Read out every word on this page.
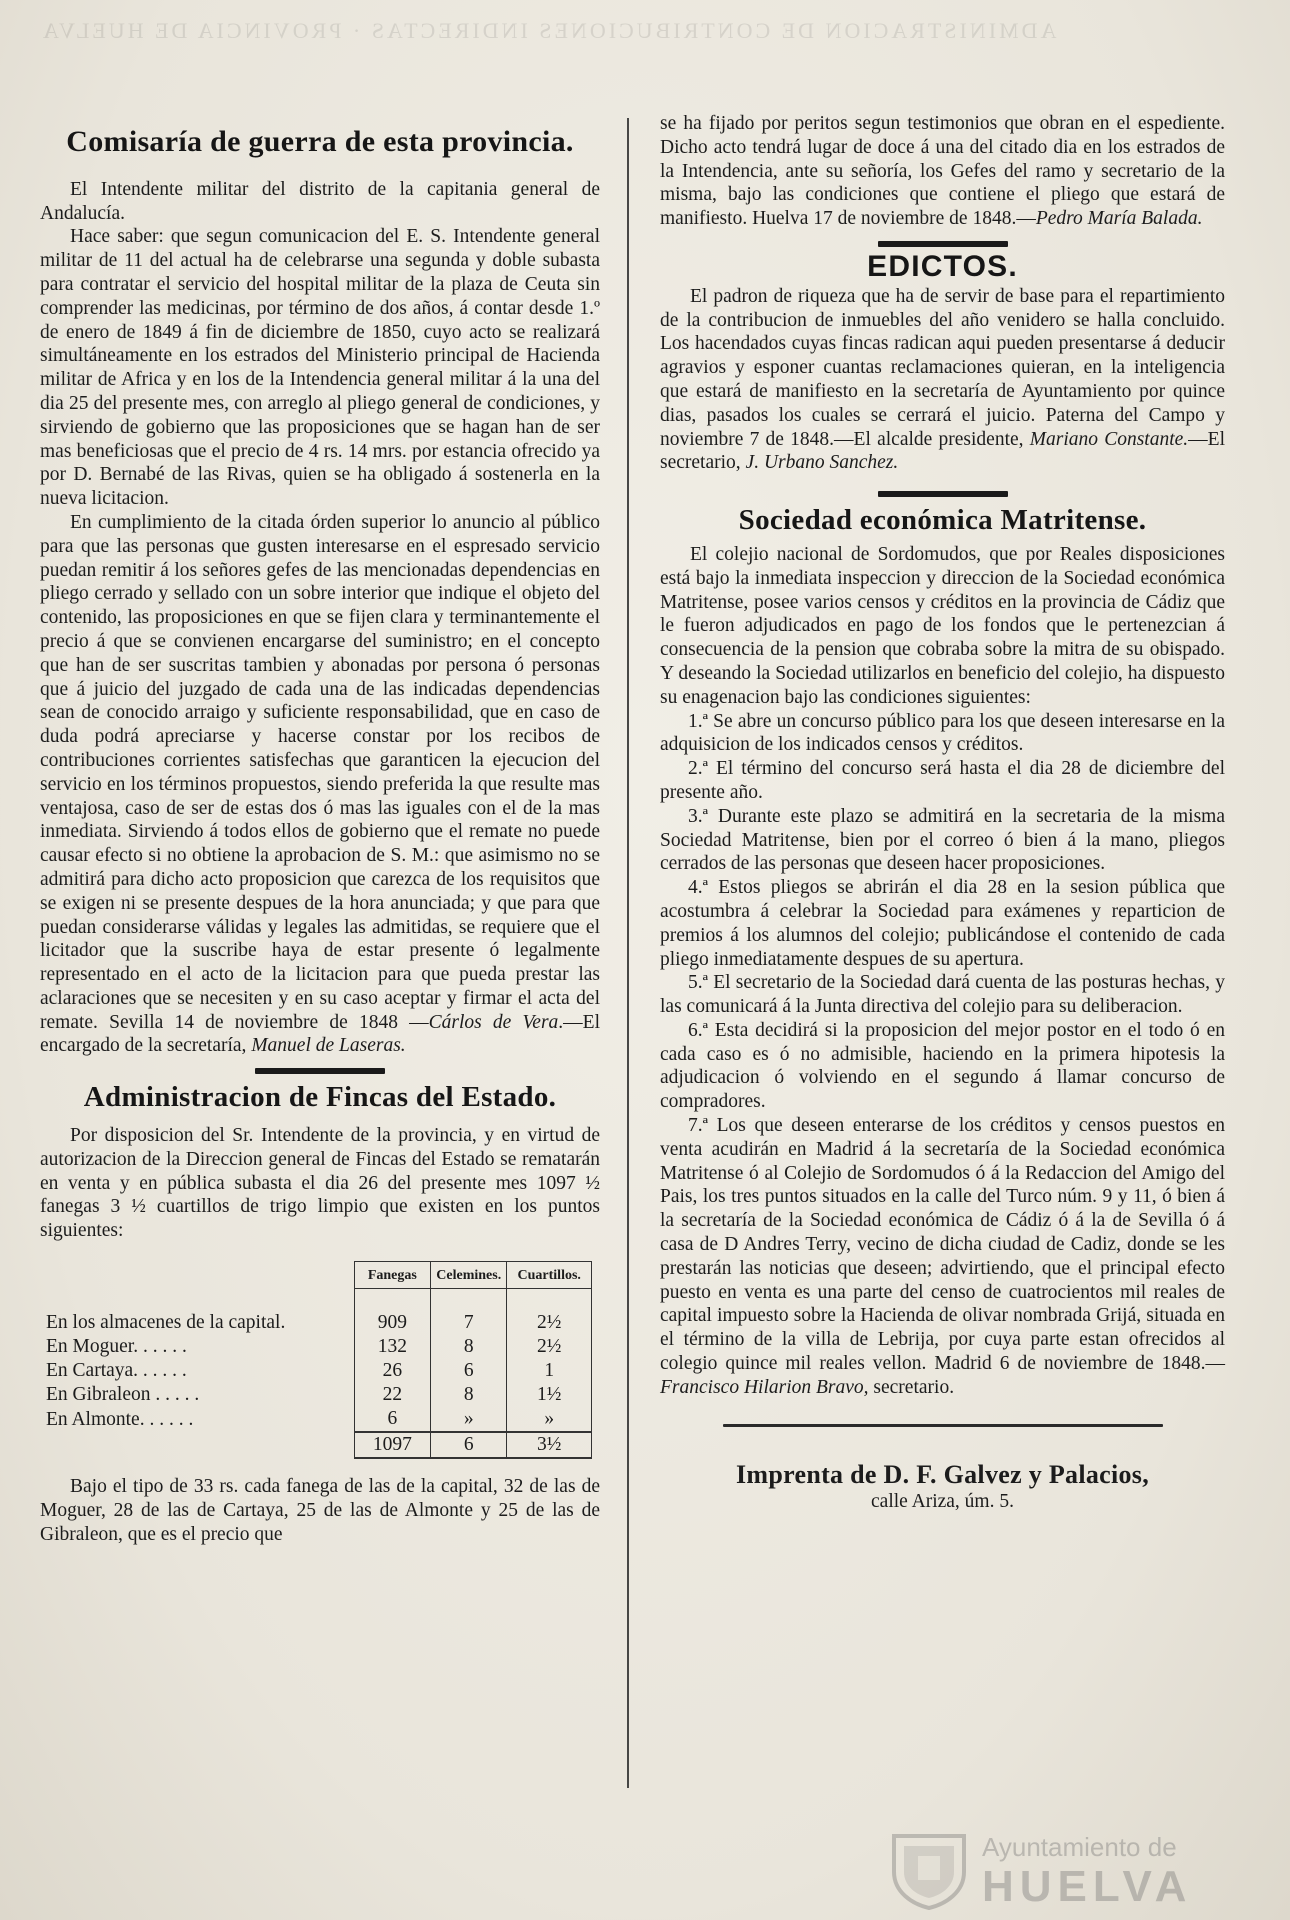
ADMINISTRACION DE CONTRIBUCIONES INDIRECTAS · PROVINCIA DE HUELVA
Comisaría de guerra de esta provincia.

El Intendente militar del distrito de la capitania general de Andalucía.

Hace saber: que segun comunicacion del E. S. Intendente general militar de 11 del actual ha de celebrarse una segunda y doble subasta para contratar el servicio del hospital militar de la plaza de Ceuta sin comprender las medicinas, por término de dos años, á contar desde 1.º de enero de 1849 á fin de diciembre de 1850, cuyo acto se realizará simultáneamente en los estrados del Ministerio principal de Hacienda militar de Africa y en los de la Intendencia general militar á la una del dia 25 del presente mes, con arreglo al pliego general de condiciones, y sirviendo de gobierno que las proposiciones que se hagan han de ser mas beneficiosas que el precio de 4 rs. 14 mrs. por estancia ofrecido ya por D. Bernabé de las Rivas, quien se ha obligado á sostenerla en la nueva licitacion.

En cumplimiento de la citada órden superior lo anuncio al público para que las personas que gusten interesarse en el espresado servicio puedan remitir á los señores gefes de las mencionadas dependencias en pliego cerrado y sellado con un sobre interior que indique el objeto del contenido, las proposiciones en que se fijen clara y terminantemente el precio á que se convienen encargarse del suministro; en el concepto que han de ser suscritas tambien y abonadas por persona ó personas que á juicio del juzgado de cada una de las indicadas dependencias sean de conocido arraigo y suficiente responsabilidad, que en caso de duda podrá apreciarse y hacerse constar por los recibos de contribuciones corrientes satisfechas que garanticen la ejecucion del servicio en los términos propuestos, siendo preferida la que resulte mas ventajosa, caso de ser de estas dos ó mas las iguales con el de la mas inmediata. Sirviendo á todos ellos de gobierno que el remate no puede causar efecto si no obtiene la aprobacion de S. M.: que asimismo no se admitirá para dicho acto proposicion que carezca de los requisitos que se exigen ni se presente despues de la hora anunciada; y que para que puedan considerarse válidas y legales las admitidas, se requiere que el licitador que la suscribe haya de estar presente ó legalmente representado en el acto de la licitacion para que pueda prestar las aclaraciones que se necesiten y en su caso aceptar y firmar el acta del remate. Sevilla 14 de noviembre de 1848 —Cárlos de Vera.—El encargado de la secretaría, Manuel de Laseras.

Administracion de Fincas del Estado.

Por disposicion del Sr. Intendente de la provincia, y en virtud de autorizacion de la Direccion general de Fincas del Estado se rematarán en venta y en pública subasta el dia 26 del presente mes 1097 ½ fanegas 3 ½ cuartillos de trigo limpio que existen en los puntos siguientes:

	Fanegas	Celemines.	Cuartillos.

En los almacenes de la capital.	909	7	2½
En Moguer. . . . . .	132	8	2½
En Cartaya. . . . . .	26	6	1
En Gibraleon . . . . .	22	8	1½
En Almonte. . . . . .	6	»	»
	1097	6	3½

Bajo el tipo de 33 rs. cada fanega de las de la capital, 32 de las de Moguer, 28 de las de Cartaya, 25 de las de Almonte y 25 de las de Gibraleon, que es el precio que

se ha fijado por peritos segun testimonios que obran en el espediente. Dicho acto tendrá lugar de doce á una del citado dia en los estrados de la Intendencia, ante su señoría, los Gefes del ramo y secretario de la misma, bajo las condiciones que contiene el pliego que estará de manifiesto. Huelva 17 de noviembre de 1848.—Pedro María Balada.

EDICTOS.

El padron de riqueza que ha de servir de base para el repartimiento de la contribucion de inmuebles del año venidero se halla concluido. Los hacendados cuyas fincas radican aqui pueden presentarse á deducir agravios y esponer cuantas reclamaciones quieran, en la inteligencia que estará de manifiesto en la secretaría de Ayuntamiento por quince dias, pasados los cuales se cerrará el juicio. Paterna del Campo y noviembre 7 de 1848.—El alcalde presidente, Mariano Constante.—El secretario, J. Urbano Sanchez.

Sociedad económica Matritense.

El colejio nacional de Sordomudos, que por Reales disposiciones está bajo la inmediata inspeccion y direccion de la Sociedad económica Matritense, posee varios censos y créditos en la provincia de Cádiz que le fueron adjudicados en pago de los fondos que le pertenezcian á consecuencia de la pension que cobraba sobre la mitra de su obispado. Y deseando la Sociedad utilizarlos en beneficio del colejio, ha dispuesto su enagenacion bajo las condiciones siguientes:

1.ª Se abre un concurso público para los que deseen interesarse en la adquisicion de los indicados censos y créditos.

2.ª El término del concurso será hasta el dia 28 de diciembre del presente año.

3.ª Durante este plazo se admitirá en la secretaria de la misma Sociedad Matritense, bien por el correo ó bien á la mano, pliegos cerrados de las personas que deseen hacer proposiciones.

4.ª Estos pliegos se abrirán el dia 28 en la sesion pública que acostumbra á celebrar la Sociedad para exámenes y reparticion de premios á los alumnos del colejio; publicándose el contenido de cada pliego inmediatamente despues de su apertura.

5.ª El secretario de la Sociedad dará cuenta de las posturas hechas, y las comunicará á la Junta directiva del colejio para su deliberacion.

6.ª Esta decidirá si la proposicion del mejor postor en el todo ó en cada caso es ó no admisible, haciendo en la primera hipotesis la adjudicacion ó volviendo en el segundo á llamar concurso de compradores.

7.ª Los que deseen enterarse de los créditos y censos puestos en venta acudirán en Madrid á la secretaría de la Sociedad económica Matritense ó al Colejio de Sordomudos ó á la Redaccion del Amigo del Pais, los tres puntos situados en la calle del Turco núm. 9 y 11, ó bien á la secretaría de la Sociedad económica de Cádiz ó á la de Sevilla ó á casa de D Andres Terry, vecino de dicha ciudad de Cadiz, donde se les prestarán las noticias que deseen; advirtiendo, que el principal efecto puesto en venta es una parte del censo de cuatrocientos mil reales de capital impuesto sobre la Hacienda de olivar nombrada Grijá, situada en el término de la villa de Lebrija, por cuya parte estan ofrecidos al colegio quince mil reales vellon. Madrid 6 de noviembre de 1848.—Francisco Hilarion Bravo, secretario.

Imprenta de D. F. Galvez y Palacios,
calle Ariza, úm. 5.
Ayuntamiento de
HUELVA
